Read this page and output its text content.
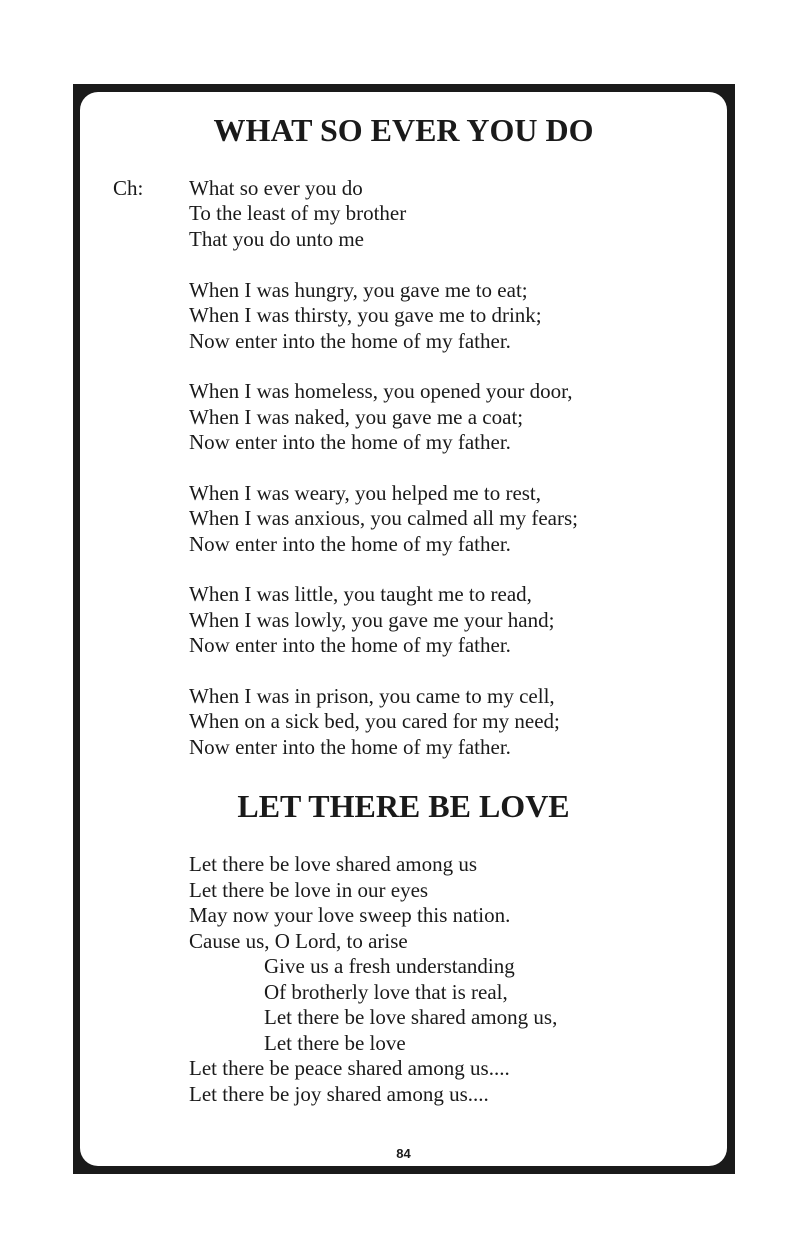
WHAT SO EVER YOU DO
Ch: What so ever you do
To the least of my brother
That you do unto me
When I was hungry, you gave me to eat;
When I was thirsty, you gave me to drink;
Now enter into the home of my father.
When I was homeless, you opened your door,
When I was naked, you gave me a coat;
Now enter into the home of my father.
When I was weary, you helped me to rest,
When I was anxious, you calmed all my fears;
Now enter into the home of my father.
When I was little, you taught me to read,
When I was lowly, you gave me your hand;
Now enter into the home of my father.
When I was in prison, you came to my cell,
When on a sick bed, you cared for my need;
Now enter into the home of my father.
LET THERE BE LOVE
Let there be love shared among us
Let there be love in our eyes
May now your love sweep this nation.
Cause us, O Lord, to arise
Give us a fresh understanding
Of brotherly love that is real,
Let there be love shared among us,
Let there be love
Let there be peace shared among us....
Let there be joy shared among us....
84
